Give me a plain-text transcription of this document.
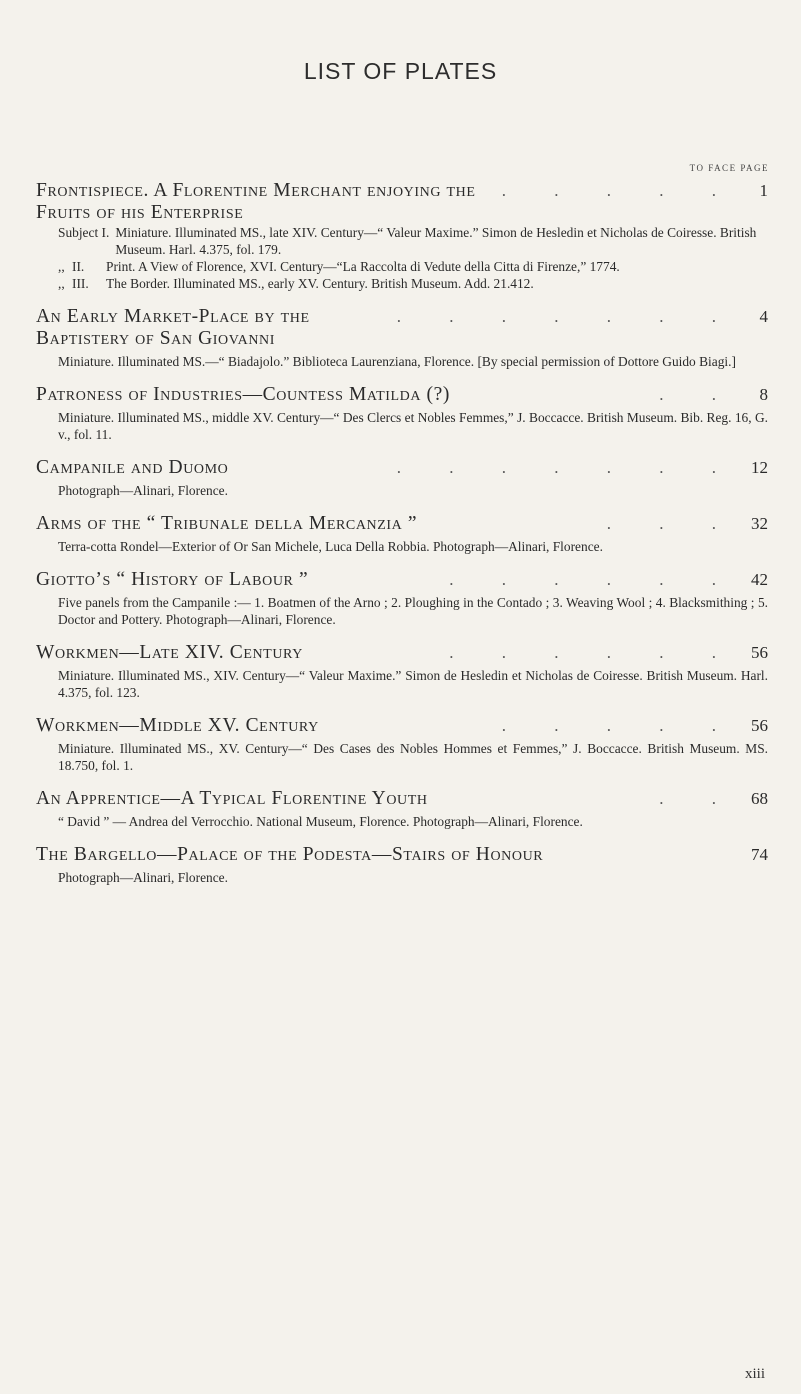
LIST OF PLATES
TO FACE PAGE
Frontispiece. A Florentine Merchant enjoying the Fruits of his Enterprise
. . . . .	1
Subject I. Miniature. Illuminated MS., late XIV. Century—“ Valeur Maxime.” Simon de Hesledin et Nicholas de Coiresse. British Museum. Harl. 4.375, fol. 179.
,, II.	Print. A View of Florence, XVI. Century—“La Raccolta di Vedute della Citta di Firenze,” 1774.
,, III.	The Border. Illuminated MS., early XV. Century. British Museum. Add. 21.412.
An Early Market-Place by the Baptistery of San Giovanni
. . . . . . .	4
Miniature. Illuminated MS.—“ Biadajolo.” Biblioteca Laurenziana, Florence. [By special permission of Dottore Guido Biagi.]
Patroness of Industries—Countess Matilda (?)	. .	8
Miniature. Illuminated MS., middle XV. Century—“ Des Clercs et Nobles Femmes,” J. Boccacce. British Museum. Bib. Reg. 16, G. v., fol. 11.
Campanile and Duomo	. . . . . . . 12
Photograph—Alinari, Florence.
Arms of the “ Tribunale della Mercanzia ”	. . . 32
Terra-cotta Rondel—Exterior of Or San Michele, Luca Della Robbia. Photograph—Alinari, Florence.
Giotto’s “ History of Labour ”	. . . . . . 42
Five panels from the Campanile :— 1. Boatmen of the Arno ; 2. Ploughing in the Contado ; 3. Weaving Wool ; 4. Blacksmithing ; 5. Doctor and Pottery. Photograph—Alinari, Florence.
Workmen—Late XIV. Century	. . . . . . 56
Miniature. Illuminated MS., XIV. Century—“ Valeur Maxime.” Simon de Hesledin et Nicholas de Coiresse. British Museum. Harl. 4.375, fol. 123.
Workmen—Middle XV. Century	. . . . . 56
Miniature. Illuminated MS., XV. Century—“ Des Cases des Nobles Hommes et Femmes,” J. Boccacce. British Museum. MS. 18.750, fol. 1.
An Apprentice—A Typical Florentine Youth	. . 68
“ David ” — Andrea del Verrocchio. National Museum, Florence. Photograph—Alinari, Florence.
The Bargello—Palace of the Podesta—Stairs of Honour	74
Photograph—Alinari, Florence.
xiii
